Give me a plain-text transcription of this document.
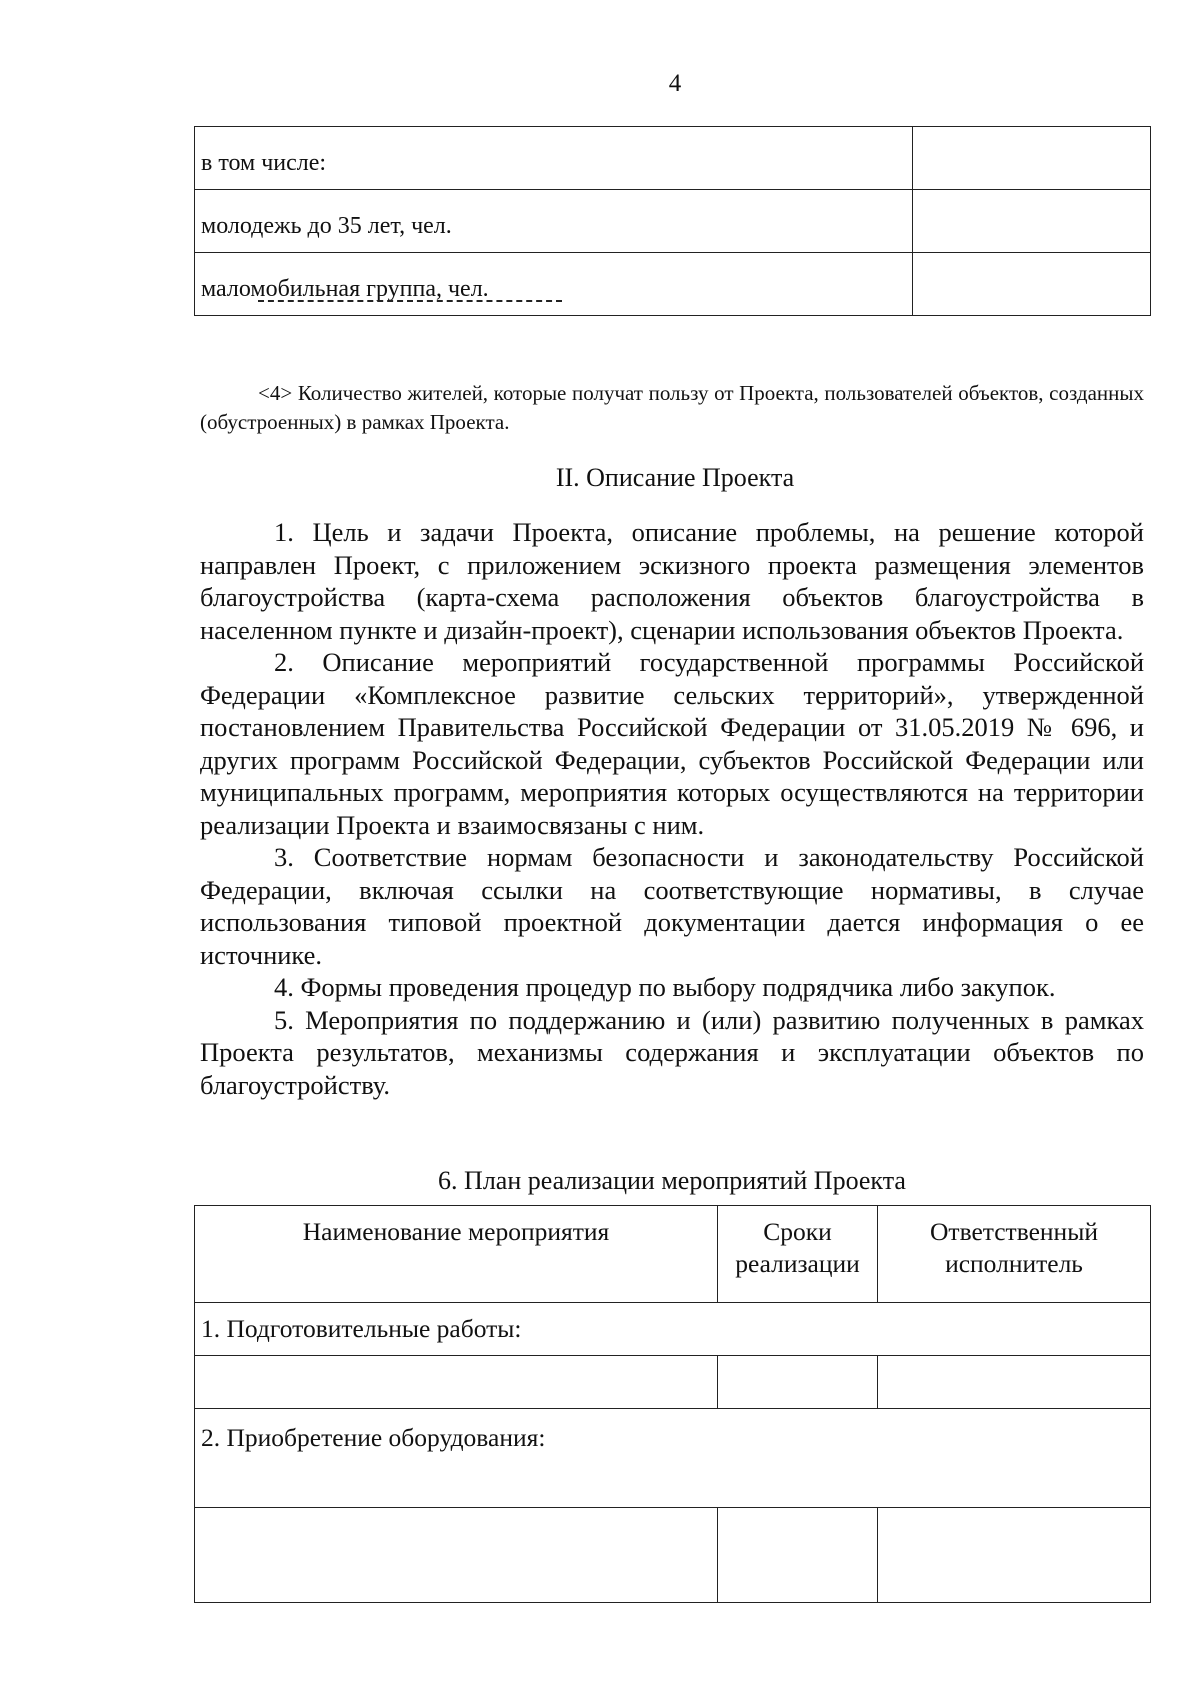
4
в том числе:	
молодежь до 35 лет, чел.	
маломобильная группа, чел.	

<4> Количество жителей, которые получат пользу от Проекта, пользователей объектов, созданных (обустроенных) в рамках Проекта.

II. Описание Проекта

1. Цель и задачи Проекта, описание проблемы, на решение которой направлен Проект, с приложением эскизного проекта размещения элементов благоустройства (карта-схема расположения объектов благоустройства в населенном пункте и дизайн-проект), сценарии использования объектов Проекта.

2. Описание мероприятий государственной программы Российской Федерации «Комплексное развитие сельских территорий», утвержденной постановлением Правительства Российской Федерации от 31.05.2019 № 696, и других программ Российской Федерации, субъектов Российской Федерации или муниципальных программ, мероприятия которых осуществляются на территории реализации Проекта и взаимосвязаны с ним.

3. Соответствие нормам безопасности и законодательству Российской Федерации, включая ссылки на соответствующие нормативы, в случае использования типовой проектной документации дается информация о ее источнике.

4. Формы проведения процедур по выбору подрядчика либо закупок.

5. Мероприятия по поддержанию и (или) развитию полученных в рамках Проекта результатов, механизмы содержания и эксплуатации объектов по благоустройству.

6. План реализации мероприятий Проекта
Наименование мероприятия	Сроки реализации	Ответственный исполнитель
1. Подготовительные работы:		

2. Приобретение оборудования:		
